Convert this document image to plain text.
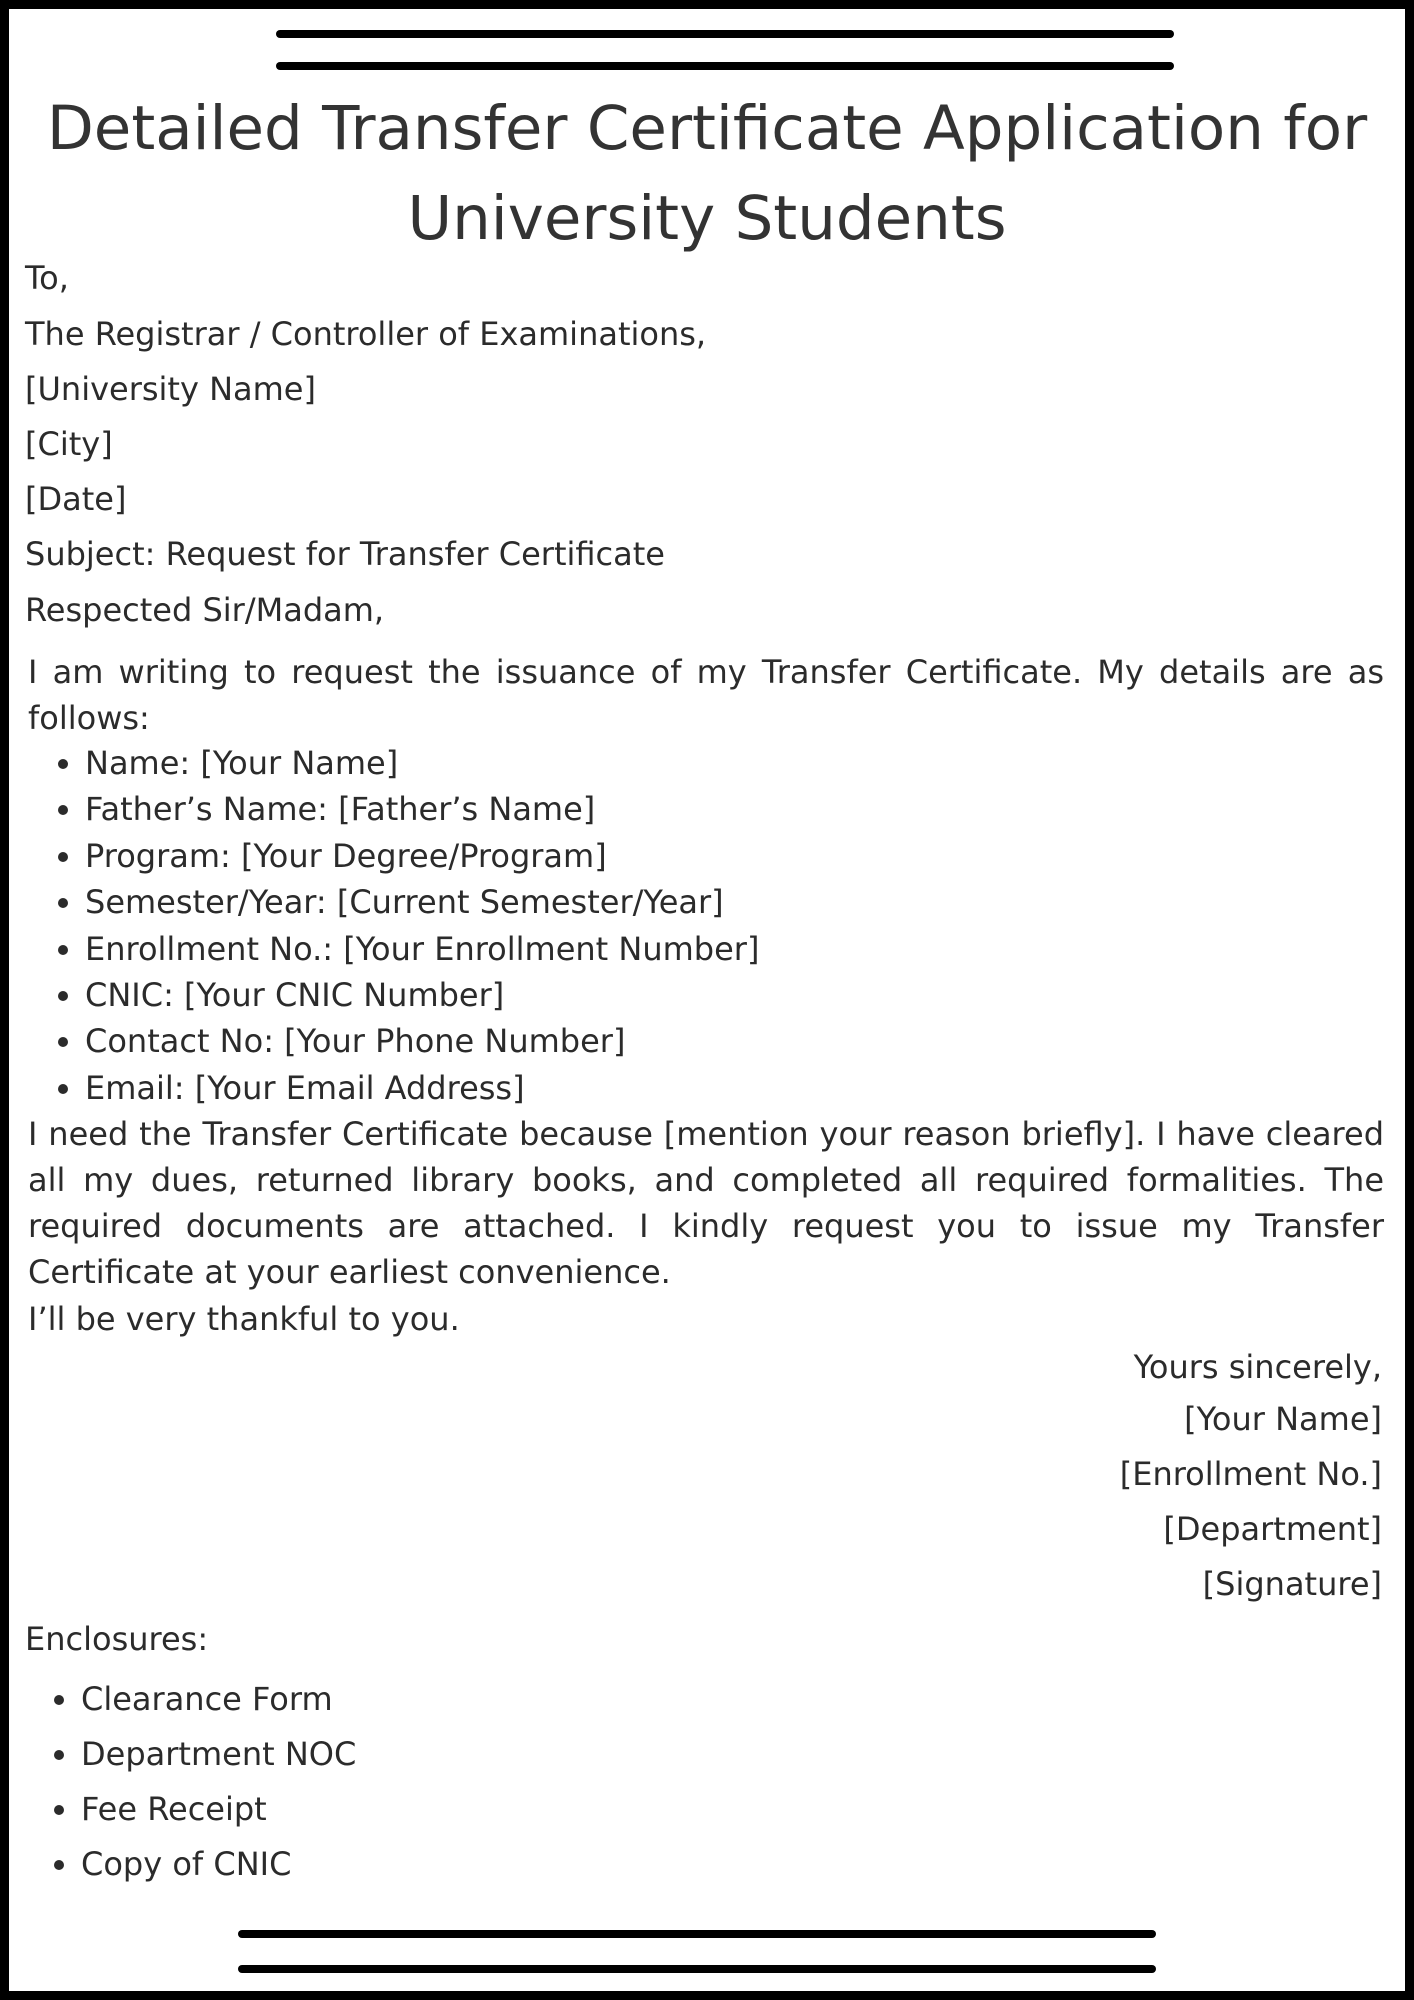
Detailed Transfer Certificate Application for University Students

To,

The Registrar / Controller of Examinations,

[University Name]

[City]

[Date]

Subject: Request for Transfer Certificate

Respected Sir/Madam,

I am writing to request the issuance of my Transfer Certificate. My details are as follows:

• Name: [Your Name]
• Father’s Name: [Father’s Name]
• Program: [Your Degree/Program]
• Semester/Year: [Current Semester/Year]
• Enrollment No.: [Your Enrollment Number]
• CNIC: [Your CNIC Number]
• Contact No: [Your Phone Number]
• Email: [Your Email Address]

I need the Transfer Certificate because [mention your reason briefly]. I have cleared all my dues, returned library books, and completed all required formalities. The required documents are attached. I kindly request you to issue my Transfer Certificate at your earliest convenience.

I’ll be very thankful to you.

Yours sincerely,

[Your Name]

[Enrollment No.]

[Department]

[Signature]

Enclosures:

• Clearance Form
• Department NOC
• Fee Receipt
• Copy of CNIC
